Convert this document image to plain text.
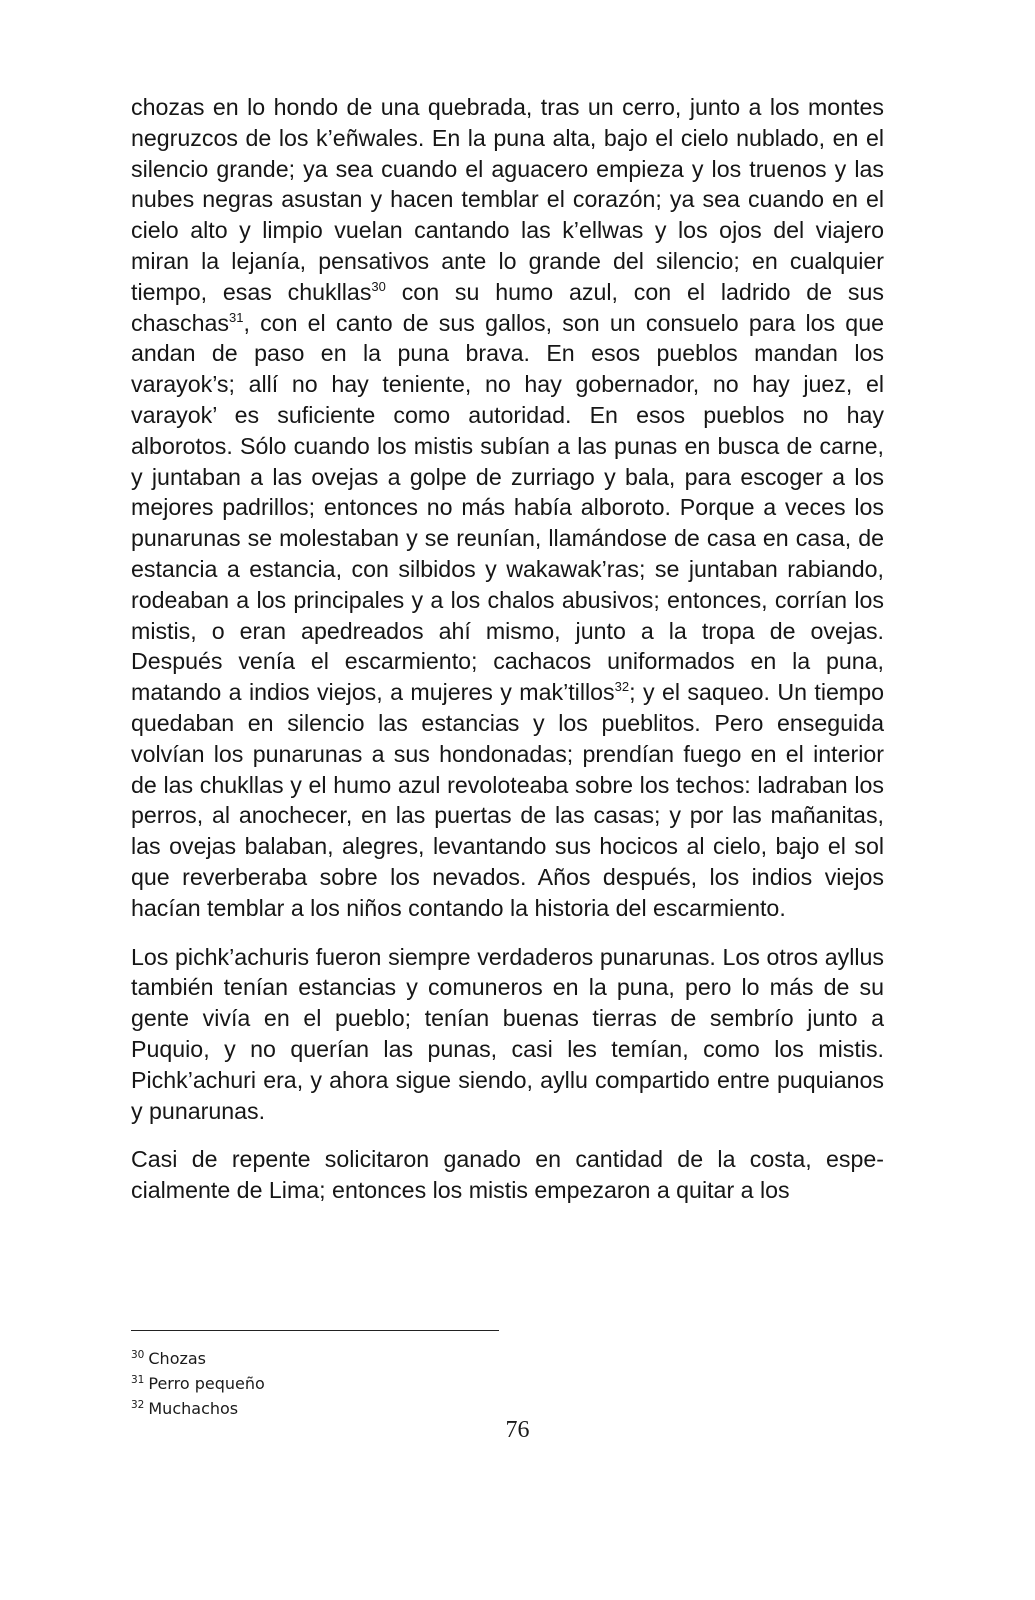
chozas en lo hondo de una quebrada, tras un cerro, junto a los montes negruzcos de los k’eñwales. En la puna alta, bajo el cielo nublado, en el silencio grande; ya sea cuando el aguacero empieza y los truenos y las nubes negras asustan y hacen temblar el corazón; ya sea cuando en el cielo alto y limpio vuelan cantando las k’ellwas y los ojos del viajero miran la lejanía, pensativos ante lo grande del silencio; en cualquier tiempo, esas chukllas$^{30}$ con su humo azul, con el ladrido de sus chaschas$^{31}$, con el canto de sus gallos, son un consuelo para los que andan de paso en la puna brava. En esos pueblos mandan los varayok’s; allí no hay teniente, no hay gobernador, no hay juez, el varayok’ es suficiente como autoridad. En esos pueblos no hay alborotos. Sólo cuando los mistis subían a las punas en busca de carne, y juntaban a las ovejas a golpe de zurriago y bala, para escoger a los mejores padrillos; entonces no más había alboroto. Porque a veces los punarunas se molestaban y se reunían, llamándose de casa en casa, de estancia a estancia, con silbidos y wakawak’ras; se juntaban rabiando, rodeaban a los principales y a los chalos abusivos; entonces, corrían los mistis, o eran apedreados ahí mismo, junto a la tropa de ovejas. Después venía el escarmiento; cachacos uniformados en la puna, matando a indios viejos, a mujeres y mak’tillos$^{32}$; y el saqueo. Un tiempo quedaban en silencio las estancias y los pueblitos. Pero enseguida volvían los punarunas a sus hondonadas; prendían fuego en el interior de las chukllas y el humo azul revoloteaba sobre los techos: ladraban los perros, al anochecer, en las puertas de las casas; y por las mañanitas, las ovejas balaban, alegres, levantando sus hocicos al cielo, bajo el sol que reverberaba sobre los nevados. Años después, los indios viejos hacían temblar a los niños contando la historia del escarmiento.

Los pichk’achuris fueron siempre verdaderos punarunas. Los otros ayllus también tenían estancias y comuneros en la puna, pero lo más de su gente vivía en el pueblo; tenían buenas tierras de sembrío junto a Puquio, y no querían las punas, casi les temían, como los mistis. Pichk’achuri era, y ahora sigue siendo, ayllu compartido entre puquianos y punarunas.

Casi de repente solicitaron ganado en cantidad de la costa, especialmente de Lima; entonces los mistis empezaron a quitar a los

$^{30}$ Chozas
$^{31}$ Perro pequeño
$^{32}$ Muchachos
76
